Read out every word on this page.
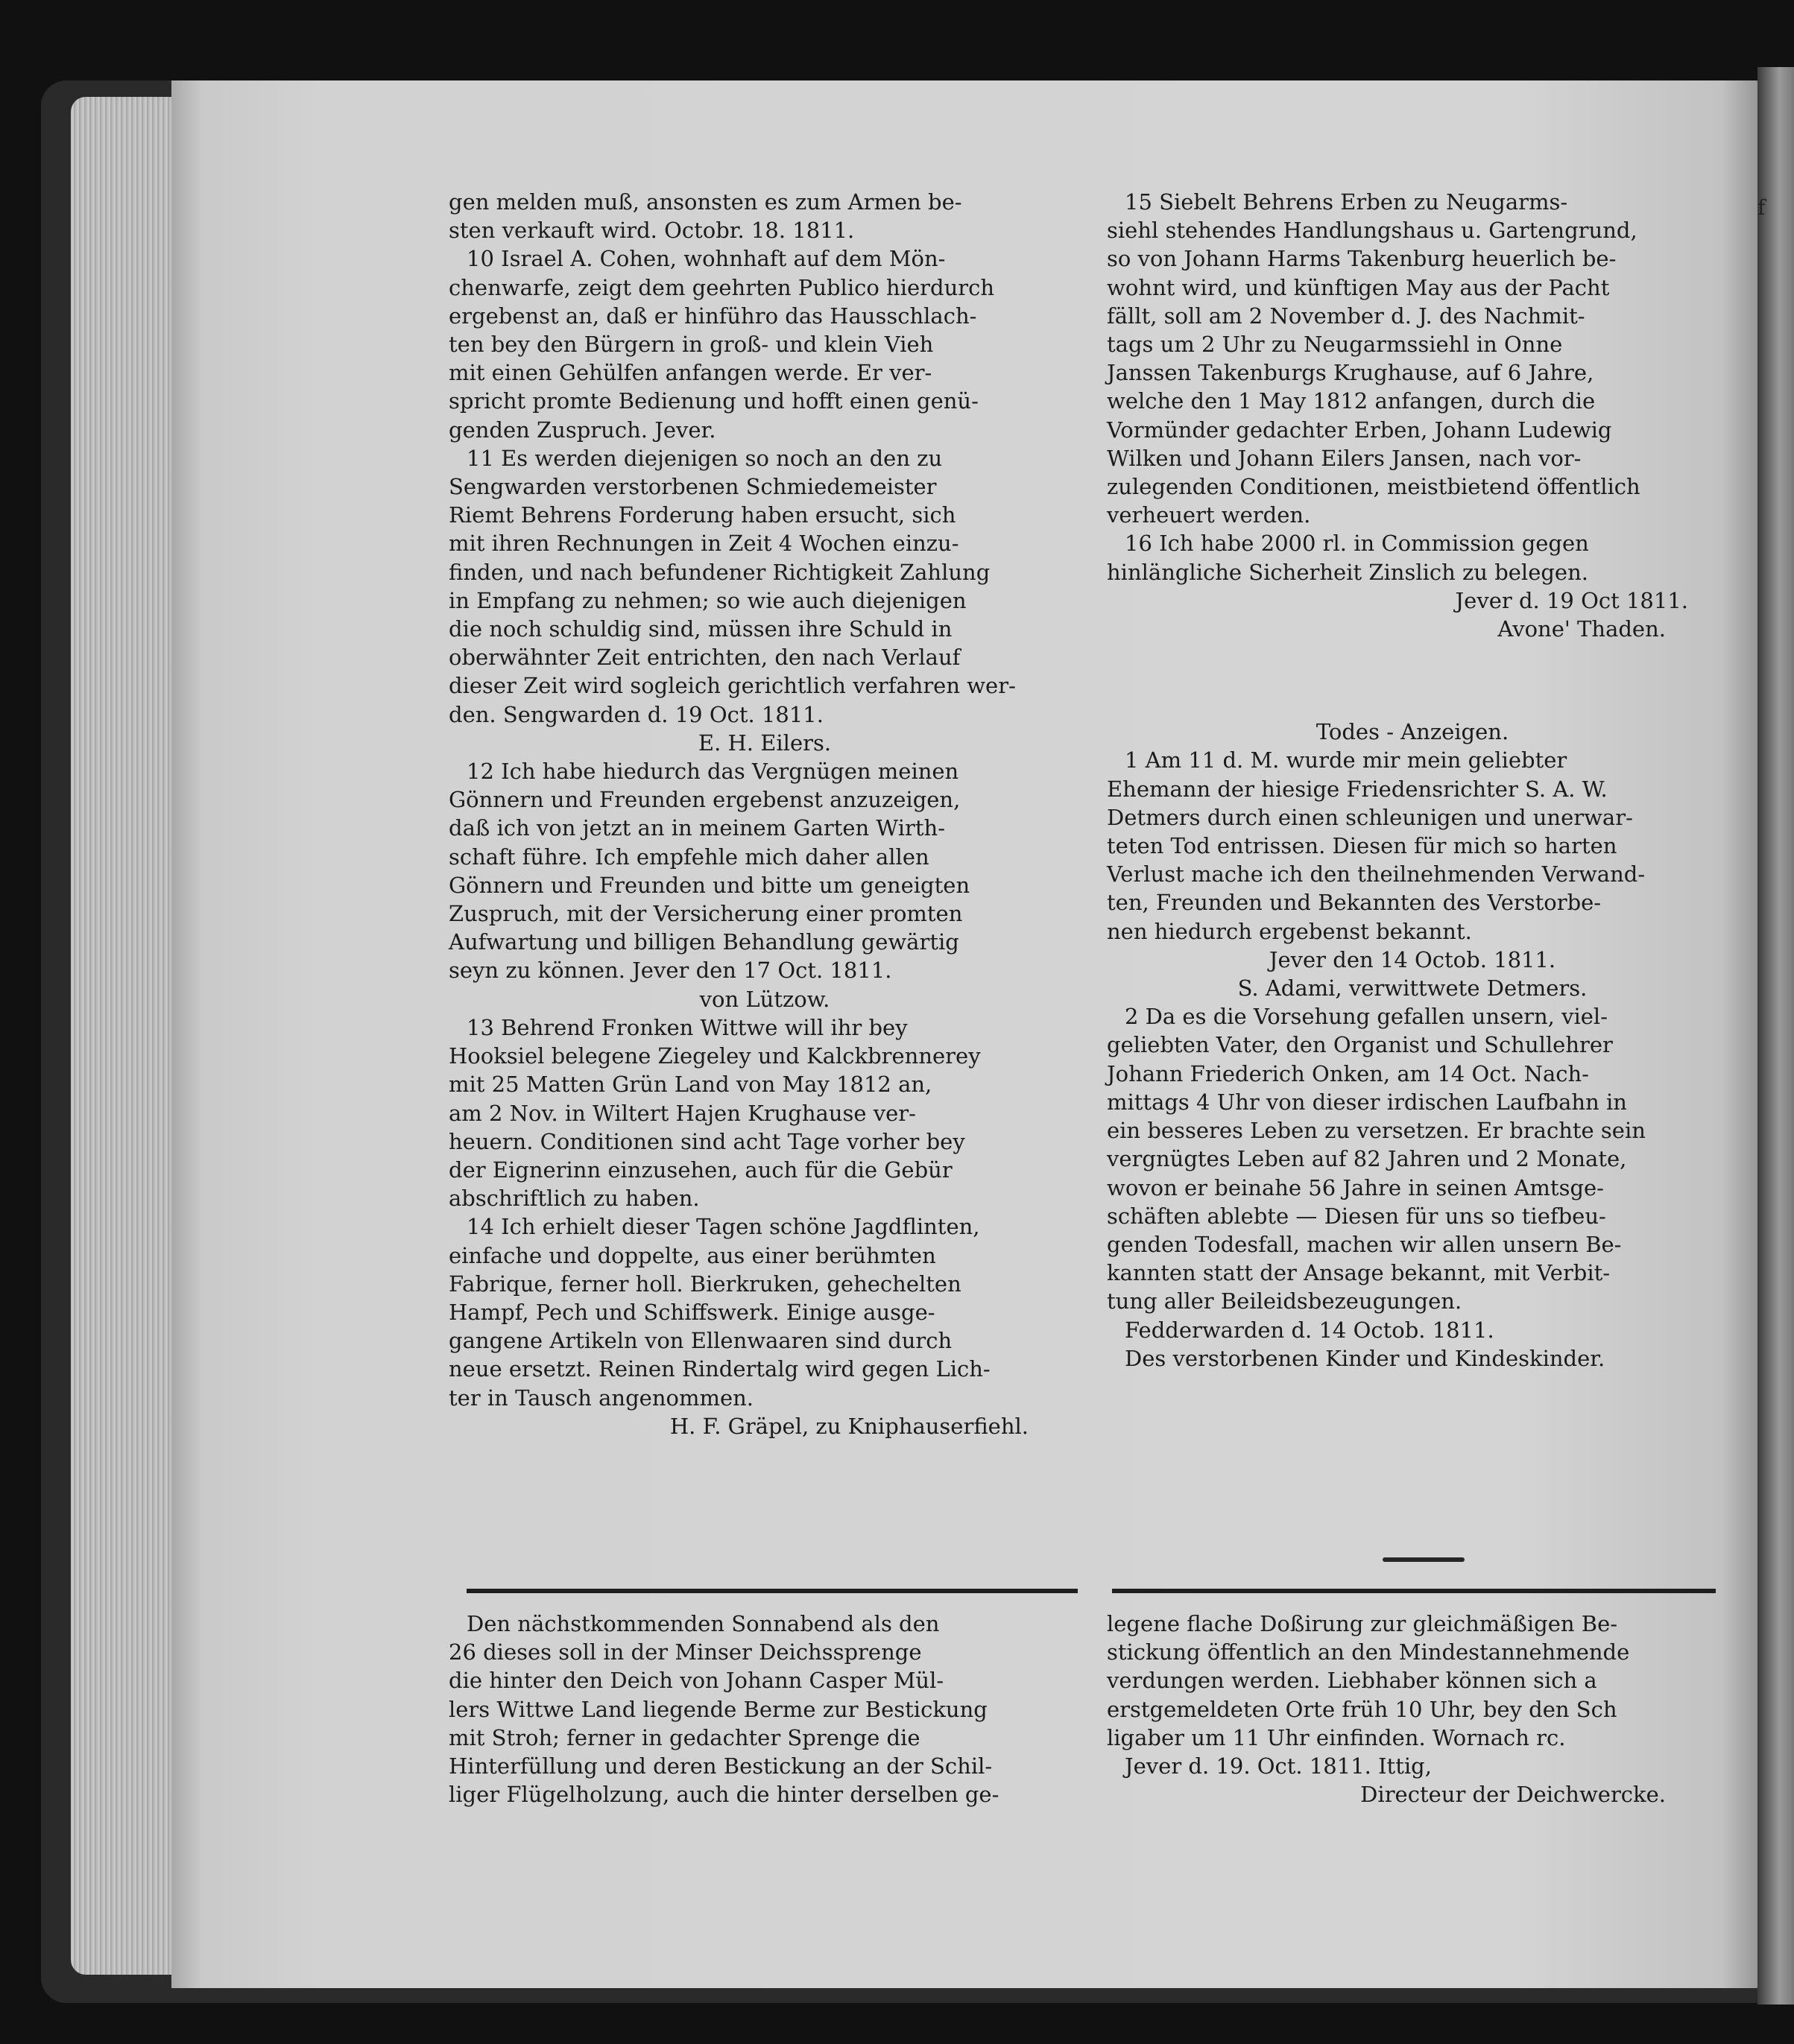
f

gen melden muß, ansonsten es zum Armen be-

sten verkauft wird. Octobr. 18. 1811.

10 Israel A. Cohen, wohnhaft auf dem Mön-

chenwarfe, zeigt dem geehrten Publico hierdurch

ergebenst an, daß er hinführo das Hausschlach-

ten bey den Bürgern in groß- und klein Vieh

mit einen Gehülfen anfangen werde. Er ver-

spricht promte Bedienung und hofft einen genü-

genden Zuspruch. Jever.

11 Es werden diejenigen so noch an den zu

Sengwarden verstorbenen Schmiedemeister

Riemt Behrens Forderung haben ersucht, sich

mit ihren Rechnungen in Zeit 4 Wochen einzu-

finden, und nach befundener Richtigkeit Zahlung

in Empfang zu nehmen; so wie auch diejenigen

die noch schuldig sind, müssen ihre Schuld in

oberwähnter Zeit entrichten, den nach Verlauf

dieser Zeit wird sogleich gerichtlich verfahren wer-

den. Sengwarden d. 19 Oct. 1811.

E. H. Eilers.

12 Ich habe hiedurch das Vergnügen meinen

Gönnern und Freunden ergebenst anzuzeigen,

daß ich von jetzt an in meinem Garten Wirth-

schaft führe. Ich empfehle mich daher allen

Gönnern und Freunden und bitte um geneigten

Zuspruch, mit der Versicherung einer promten

Aufwartung und billigen Behandlung gewärtig

seyn zu können. Jever den 17 Oct. 1811.

von Lützow.

13 Behrend Fronken Wittwe will ihr bey

Hooksiel belegene Ziegeley und Kalckbrennerey

mit 25 Matten Grün Land von May 1812 an,

am 2 Nov. in Wiltert Hajen Krughause ver-

heuern. Conditionen sind acht Tage vorher bey

der Eignerinn einzusehen, auch für die Gebür

abschriftlich zu haben.

14 Ich erhielt dieser Tagen schöne Jagdflinten,

einfache und doppelte, aus einer berühmten

Fabrique, ferner holl. Bierkruken, gehechelten

Hampf, Pech und Schiffswerk. Einige ausge-

gangene Artikeln von Ellenwaaren sind durch

neue ersetzt. Reinen Rindertalg wird gegen Lich-

ter in Tausch angenommen.

H. F. Gräpel, zu Kniphauserfiehl.

15 Siebelt Behrens Erben zu Neugarms-

siehl stehendes Handlungshaus u. Gartengrund,

so von Johann Harms Takenburg heuerlich be-

wohnt wird, und künftigen May aus der Pacht

fällt, soll am 2 November d. J. des Nachmit-

tags um 2 Uhr zu Neugarmssiehl in Onne

Janssen Takenburgs Krughause, auf 6 Jahre,

welche den 1 May 1812 anfangen, durch die

Vormünder gedachter Erben, Johann Ludewig

Wilken und Johann Eilers Jansen, nach vor-

zulegenden Conditionen, meistbietend öffentlich

verheuert werden.

16 Ich habe 2000 rl. in Commission gegen

hinlängliche Sicherheit Zinslich zu belegen.

Jever d. 19 Oct 1811.

Avone' Thaden.

Todes - Anzeigen.

1 Am 11 d. M. wurde mir mein geliebter

Ehemann der hiesige Friedensrichter S. A. W.

Detmers durch einen schleunigen und unerwar-

teten Tod entrissen. Diesen für mich so harten

Verlust mache ich den theilnehmenden Verwand-

ten, Freunden und Bekannten des Verstorbe-

nen hiedurch ergebenst bekannt.

Jever den 14 Octob. 1811.

S. Adami, verwittwete Detmers.

2 Da es die Vorsehung gefallen unsern, viel-

geliebten Vater, den Organist und Schullehrer

Johann Friederich Onken, am 14 Oct. Nach-

mittags 4 Uhr von dieser irdischen Laufbahn in

ein besseres Leben zu versetzen. Er brachte sein

vergnügtes Leben auf 82 Jahren und 2 Monate,

wovon er beinahe 56 Jahre in seinen Amtsge-

schäften ablebte — Diesen für uns so tiefbeu-

genden Todesfall, machen wir allen unsern Be-

kannten statt der Ansage bekannt, mit Verbit-

tung aller Beileidsbezeugungen.

Fedderwarden d. 14 Octob. 1811.

Des verstorbenen Kinder und Kindeskinder.

Den nächstkommenden Sonnabend als den

26 dieses soll in der Minser Deichssprenge

die hinter den Deich von Johann Casper Mül-

lers Wittwe Land liegende Berme zur Bestickung

mit Stroh; ferner in gedachter Sprenge die

Hinterfüllung und deren Bestickung an der Schil-

liger Flügelholzung, auch die hinter derselben ge-

legene flache Doßirung zur gleichmäßigen Be-

stickung öffentlich an den Mindestannehmende

verdungen werden. Liebhaber können sich a

erstgemeldeten Orte früh 10 Uhr, bey den Sch

ligaber um 11 Uhr einfinden. Wornach rc.

Jever d. 19. Oct. 1811. Ittig,

Directeur der Deichwercke.
